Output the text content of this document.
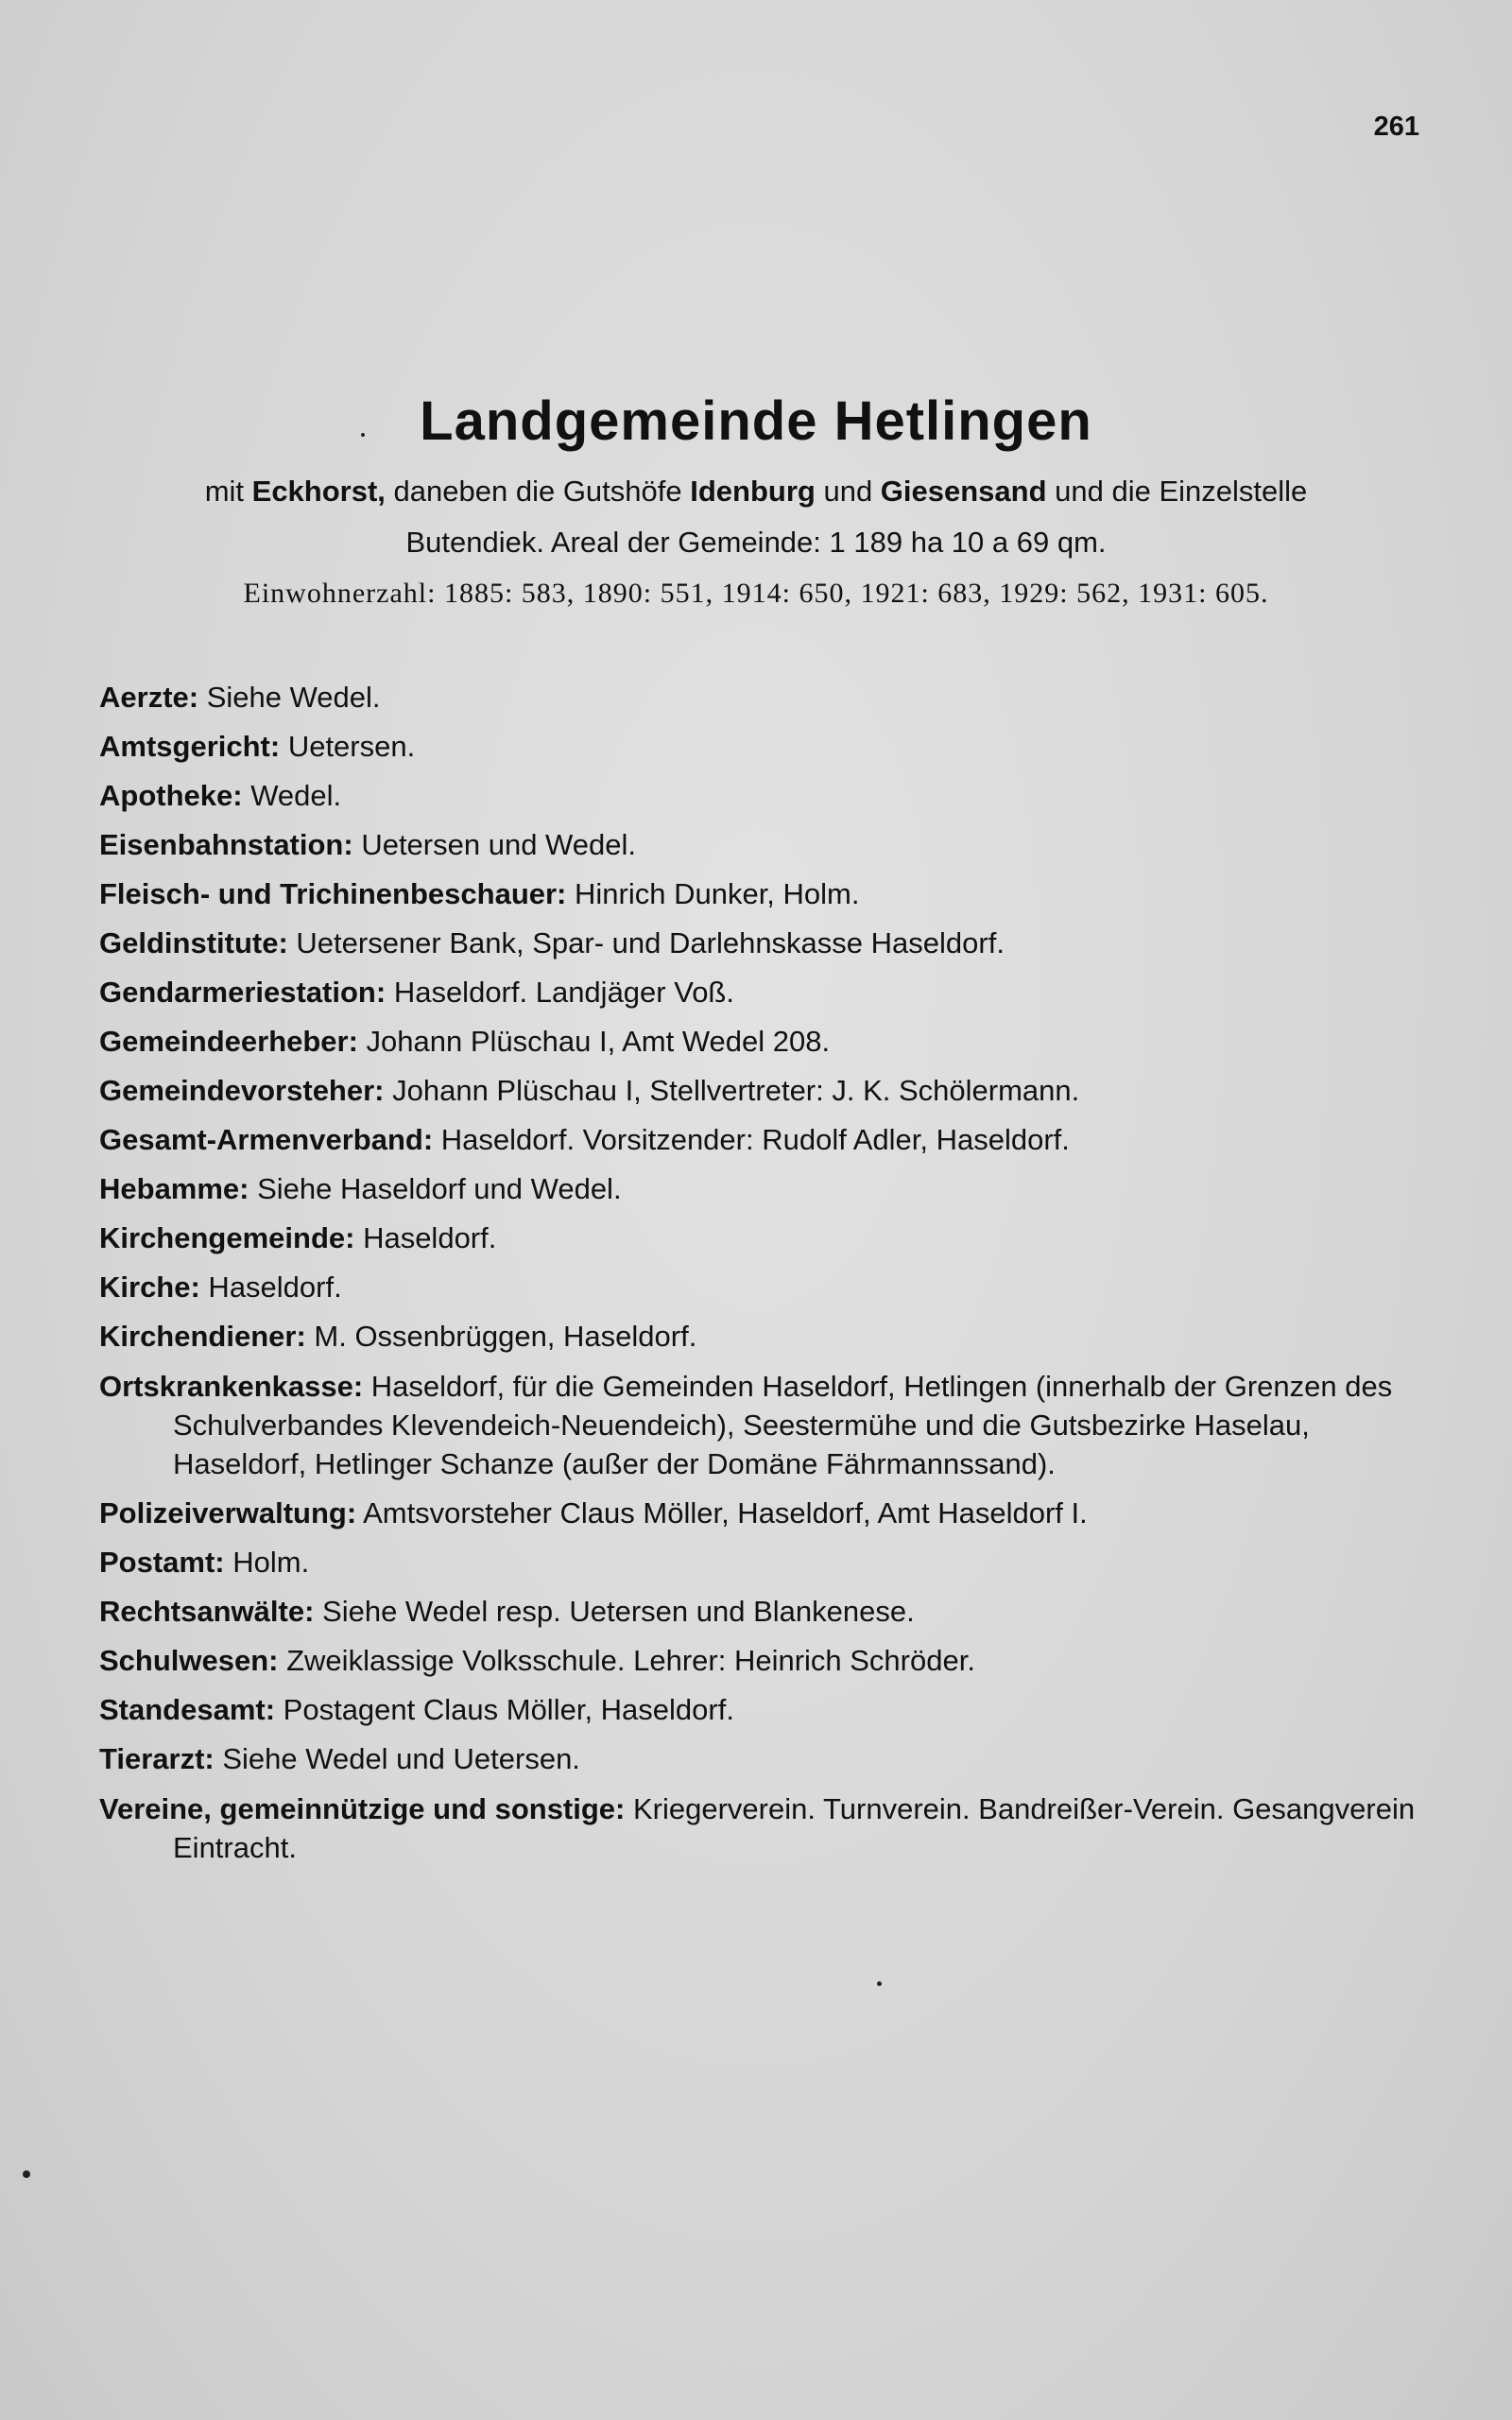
261
Landgemeinde Hetlingen

mit Eckhorst, daneben die Gutshöfe Idenburg und Giesensand und die Einzelstelle
Butendiek. Areal der Gemeinde: 1 189 ha 10 a 69 qm.

Einwohnerzahl: 1885: 583, 1890: 551, 1914: 650, 1921: 683, 1929: 562, 1931: 605.

Aerzte: Siehe Wedel.

Amtsgericht: Uetersen.

Apotheke: Wedel.

Eisenbahnstation: Uetersen und Wedel.

Fleisch- und Trichinenbeschauer: Hinrich Dunker, Holm.

Geldinstitute: Uetersener Bank, Spar- und Darlehnskasse Haseldorf.

Gendarmeriestation: Haseldorf. Landjäger Voß.

Gemeindeerheber: Johann Plüschau I, Amt Wedel 208.

Gemeindevorsteher: Johann Plüschau I, Stellvertreter: J. K. Schölermann.

Gesamt-Armenverband: Haseldorf. Vorsitzender: Rudolf Adler, Haseldorf.

Hebamme: Siehe Haseldorf und Wedel.

Kirchengemeinde: Haseldorf.

Kirche: Haseldorf.

Kirchendiener: M. Ossenbrüggen, Haseldorf.

Ortskrankenkasse: Haseldorf, für die Gemeinden Haseldorf, Hetlingen (innerhalb der Grenzen des Schulverbandes Klevendeich-Neuendeich), Seestermühe und die Gutsbezirke Haselau, Haseldorf, Hetlinger Schanze (außer der Domäne Fährmannssand).

Polizeiverwaltung: Amtsvorsteher Claus Möller, Haseldorf, Amt Haseldorf I.

Postamt: Holm.

Rechtsanwälte: Siehe Wedel resp. Uetersen und Blankenese.

Schulwesen: Zweiklassige Volksschule. Lehrer: Heinrich Schröder.

Standesamt: Postagent Claus Möller, Haseldorf.

Tierarzt: Siehe Wedel und Uetersen.

Vereine, gemeinnützige und sonstige: Kriegerverein. Turnverein. Bandreißer-Verein. Gesangverein Eintracht.
